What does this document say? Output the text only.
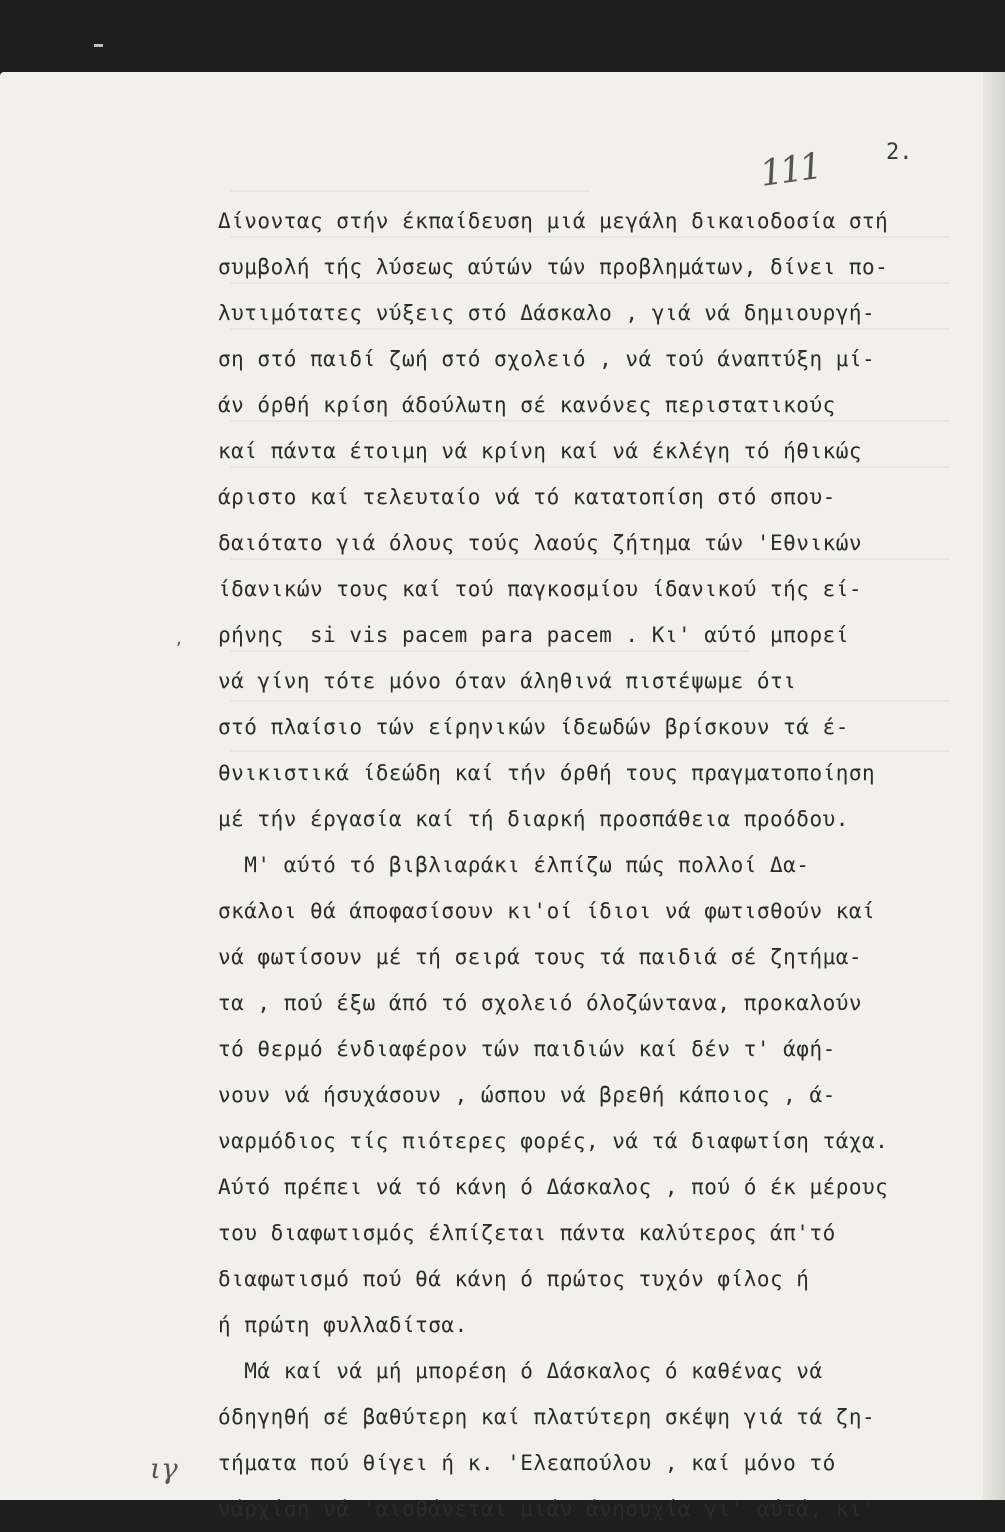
2.
111
,
ιγ
Δίνοντας στήν έκπαίδευση μιά μεγάλη δικαιοδοσία στή
συμβολή τής λύσεως αύτών τών προβλημάτων, δίνει πο-
λυτιμότατες νύξεις στό Δάσκαλο , γιά νά δημιουργή-
ση στό παιδί ζωή στό σχολειό , νά τού άναπτύξη μί-
άν όρθή κρίση άδούλωτη σέ κανόνες περιστατικούς
καί πάντα έτοιμη νά κρίνη καί νά έκλέγη τό ήθικώς
άριστο καί τελευταίο νά τό κατατοπίση στό σπου-
δαιότατο γιά όλους τούς λαούς ζήτημα τών 'Εθνικών
ίδανικών τους καί τού παγκοσμίου ίδανικού τής εί-
ρήνης  si vis pacem para pacem . Κι' αύτό μπορεί
νά γίνη τότε μόνο όταν άληθινά πιστέψωμε ότι
στό πλαίσιο τών είρηνικών ίδεωδών βρίσκουν τά έ-
θνικιστικά ίδεώδη καί τήν όρθή τους πραγματοποίηση
μέ τήν έργασία καί τή διαρκή προσπάθεια προόδου.
Μ' αύτό τό βιβλιαράκι έλπίζω πώς πολλοί Δα-
σκάλοι θά άποφασίσουν κι'οί ίδιοι νά φωτισθούν καί
νά φωτίσουν μέ τή σειρά τους τά παιδιά σέ ζητήμα-
τα , πού έξω άπό τό σχολειό όλοζώντανα, προκαλούν
τό θερμό ένδιαφέρον τών παιδιών καί δέν τ' άφή-
νουν νά ήσυχάσουν , ώσπου νά βρεθή κάποιος , ά-
ναρμόδιος τίς πιότερες φορές, νά τά διαφωτίση τάχα.
Αύτό πρέπει νά τό κάνη ό Δάσκαλος , πού ό έκ μέρους
του διαφωτισμός έλπίζεται πάντα καλύτερος άπ'τό
διαφωτισμό πού θά κάνη ό πρώτος τυχόν φίλος ή
ή πρώτη φυλλαδίτσα.
Μά καί νά μή μπορέση ό Δάσκαλος ό καθένας νά
όδηγηθή σέ βαθύτερη καί πλατύτερη σκέψη γιά τά ζη-
τήματα πού θίγει ή κ. 'Ελεαπούλου , καί μόνο τό
νάρχίση νά 'αισθάνεται μιάν άνησυχία γι' αύτά, κι'
